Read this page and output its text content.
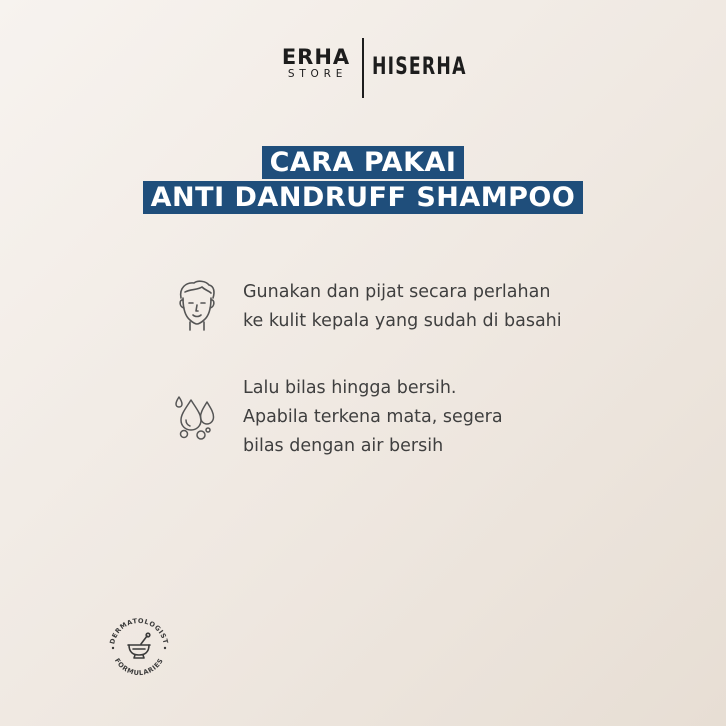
ERHA
STORE HISERHA
CARA PAKAI
ANTI DANDRUFF SHAMPOO
Gunakan dan pijat secara perlahan
ke kulit kepala yang sudah di basahi
Lalu bilas hingga bersih.
Apabila terkena mata, segera
bilas dengan air bersih
DERMATOLOGIST
FORMULARIES
